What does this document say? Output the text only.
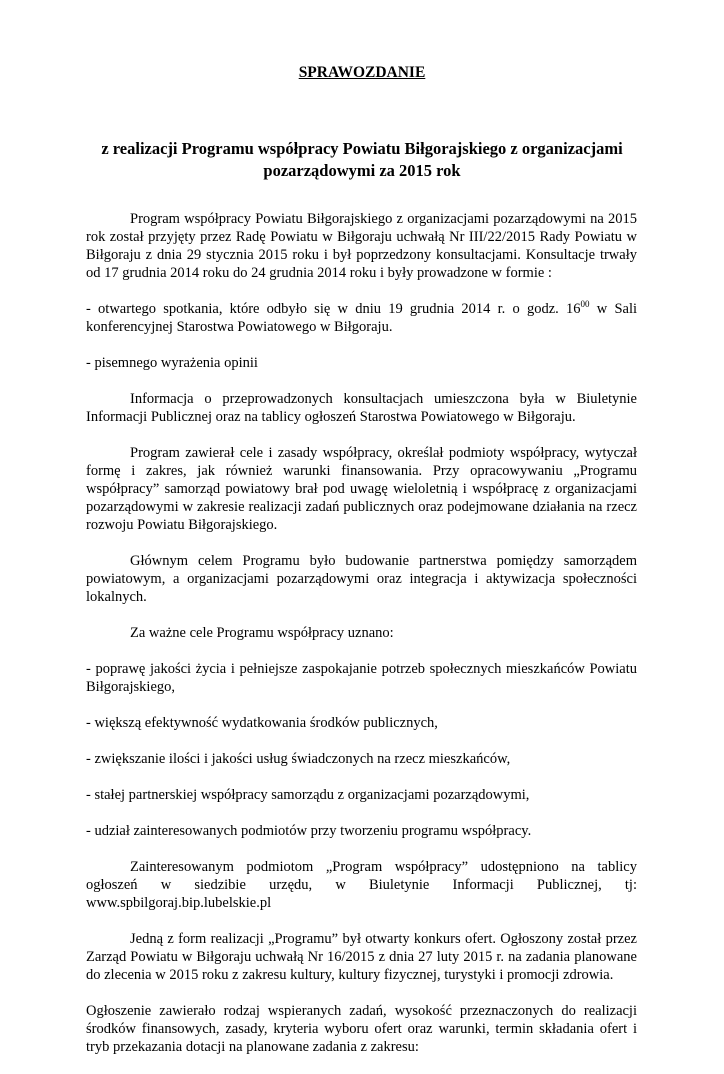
SPRAWOZDANIE
z realizacji Programu współpracy Powiatu Biłgorajskiego z organizacjami pozarządowymi za 2015 rok

Program współpracy Powiatu Biłgorajskiego z organizacjami pozarządowymi na 2015 rok został przyjęty przez Radę Powiatu w Biłgoraju uchwałą Nr III/22/2015 Rady Powiatu w Biłgoraju z dnia 29 stycznia 2015 roku i był poprzedzony konsultacjami. Konsultacje trwały od 17 grudnia 2014 roku do 24 grudnia 2014 roku i były prowadzone w formie :

- otwartego spotkania, które odbyło się w dniu 19 grudnia 2014 r. o godz. $16^{00}$ w Sali konferencyjnej Starostwa Powiatowego w Biłgoraju.

- pisemnego wyrażenia opinii

Informacja o przeprowadzonych konsultacjach umieszczona była w Biuletynie Informacji Publicznej oraz na tablicy ogłoszeń Starostwa Powiatowego w Biłgoraju.

Program zawierał cele i zasady współpracy, określał podmioty współpracy, wytyczał formę i zakres, jak również warunki finansowania. Przy opracowywaniu „Programu współpracy” samorząd powiatowy brał pod uwagę wieloletnią i współpracę z organizacjami pozarządowymi w zakresie realizacji zadań publicznych oraz podejmowane działania na rzecz rozwoju Powiatu Biłgorajskiego.

Głównym celem Programu było budowanie partnerstwa pomiędzy samorządem powiatowym, a organizacjami pozarządowymi oraz integracja i aktywizacja społeczności lokalnych.

Za ważne cele Programu współpracy uznano:

- poprawę jakości życia i pełniejsze zaspokajanie potrzeb społecznych mieszkańców Powiatu Biłgorajskiego,

- większą efektywność wydatkowania środków publicznych,

- zwiększanie ilości i jakości usług świadczonych na rzecz mieszkańców,

- stałej partnerskiej współpracy samorządu z organizacjami pozarządowymi,

- udział zainteresowanych podmiotów przy tworzeniu programu współpracy.

Zainteresowanym podmiotom „Program współpracy” udostępniono na tablicy ogłoszeń w siedzibie urzędu, w Biuletynie Informacji Publicznej, tj: www.spbilgoraj.bip.lubelskie.pl

Jedną z form realizacji „Programu” był otwarty konkurs ofert. Ogłoszony został przez Zarząd Powiatu w Biłgoraju uchwałą Nr 16/2015 z dnia 27 luty 2015 r. na zadania planowane do zlecenia w 2015 roku z zakresu kultury, kultury fizycznej, turystyki i promocji zdrowia.

Ogłoszenie zawierało rodzaj wspieranych zadań, wysokość przeznaczonych do realizacji środków finansowych, zasady, kryteria wyboru ofert oraz warunki, termin składania ofert i tryb przekazania dotacji na planowane zadania z zakresu:
